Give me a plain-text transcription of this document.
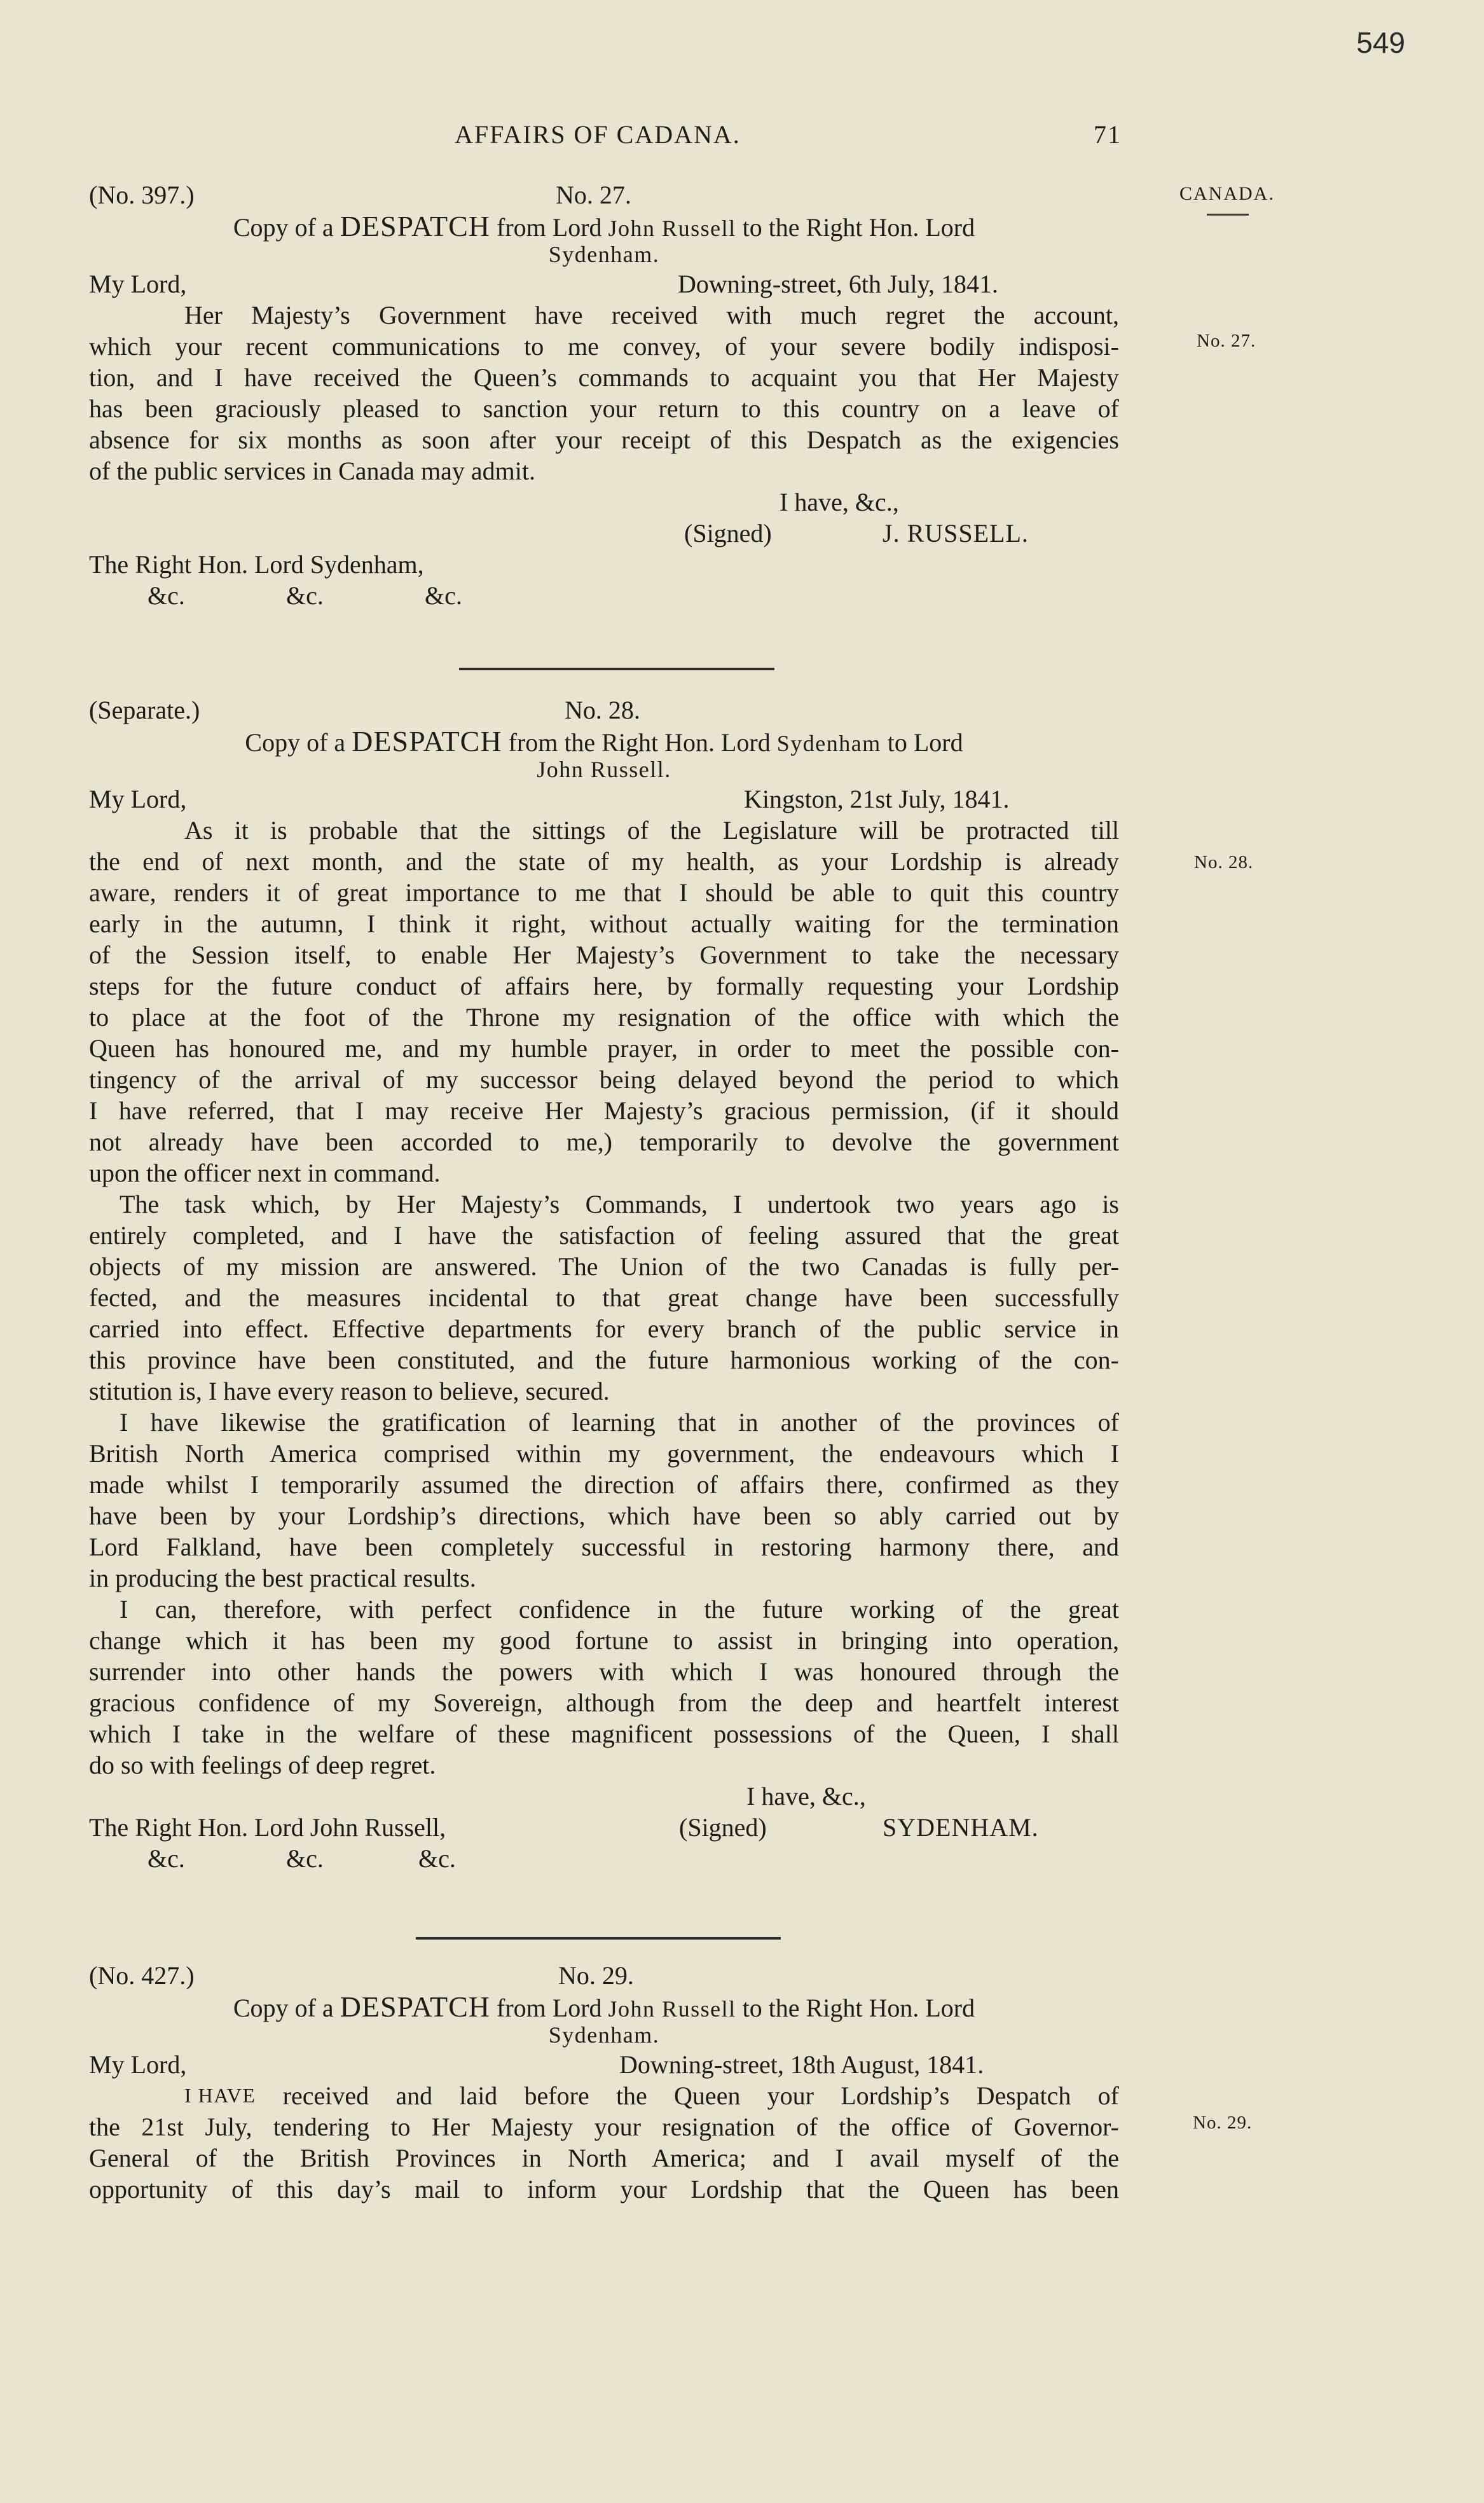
549
AFFAIRS OF CADANA.	71
CANADA.
No. 27.
No. 28.
No. 29.
(No. 397.)	No. 27.
Copy of a DESPATCH from Lord John Russell to the Right Hon. Lord
Sydenham.
My Lord,	Downing-street, 6th July, 1841.
Her Majesty’s Government have received with much regret the account,
which your recent communications to me convey, of your severe bodily indisposi-
tion, and I have received the Queen’s commands to acquaint you that Her Majesty
has been graciously pleased to sanction your return to this country on a leave of
absence for six months as soon after your receipt of this Despatch as the exigencies
of the public services in Canada may admit.
I have, &c.,
(Signed)	J. RUSSELL.
The Right Hon. Lord Sydenham,
&c.	&c.	&c.
(Separate.)	No. 28.
Copy of a DESPATCH from the Right Hon. Lord Sydenham to Lord
John Russell.
My Lord,	Kingston, 21st July, 1841.
As it is probable that the sittings of the Legislature will be protracted till
the end of next month, and the state of my health, as your Lordship is already
aware, renders it of great importance to me that I should be able to quit this country
early in the autumn, I think it right, without actually waiting for the termination
of the Session itself, to enable Her Majesty’s Government to take the necessary
steps for the future conduct of affairs here, by formally requesting your Lordship
to place at the foot of the Throne my resignation of the office with which the
Queen has honoured me, and my humble prayer, in order to meet the possible con-
tingency of the arrival of my successor being delayed beyond the period to which
I have referred, that I may receive Her Majesty’s gracious permission, (if it should
not already have been accorded to me,) temporarily to devolve the government
upon the officer next in command.
The task which, by Her Majesty’s Commands, I undertook two years ago is
entirely completed, and I have the satisfaction of feeling assured that the great
objects of my mission are answered. The Union of the two Canadas is fully per-
fected, and the measures incidental to that great change have been successfully
carried into effect. Effective departments for every branch of the public service in
this province have been constituted, and the future harmonious working of the con-
stitution is, I have every reason to believe, secured.
I have likewise the gratification of learning that in another of the provinces of
British North America comprised within my government, the endeavours which I
made whilst I temporarily assumed the direction of affairs there, confirmed as they
have been by your Lordship’s directions, which have been so ably carried out by
Lord Falkland, have been completely successful in restoring harmony there, and
in producing the best practical results.
I can, therefore, with perfect confidence in the future working of the great
change which it has been my good fortune to assist in bringing into operation,
surrender into other hands the powers with which I was honoured through the
gracious confidence of my Sovereign, although from the deep and heartfelt interest
which I take in the welfare of these magnificent possessions of the Queen, I shall
do so with feelings of deep regret.
I have, &c.,
The Right Hon. Lord John Russell,	(Signed)	SYDENHAM.
&c.	&c.	&c.
(No. 427.)	No. 29.
Copy of a DESPATCH from Lord John Russell to the Right Hon. Lord
Sydenham.
My Lord,	Downing-street, 18th August, 1841.
I HAVE received and laid before the Queen your Lordship’s Despatch of
the 21st July, tendering to Her Majesty your resignation of the office of Governor-
General of the British Provinces in North America; and I avail myself of the
opportunity of this day’s mail to inform your Lordship that the Queen has been
